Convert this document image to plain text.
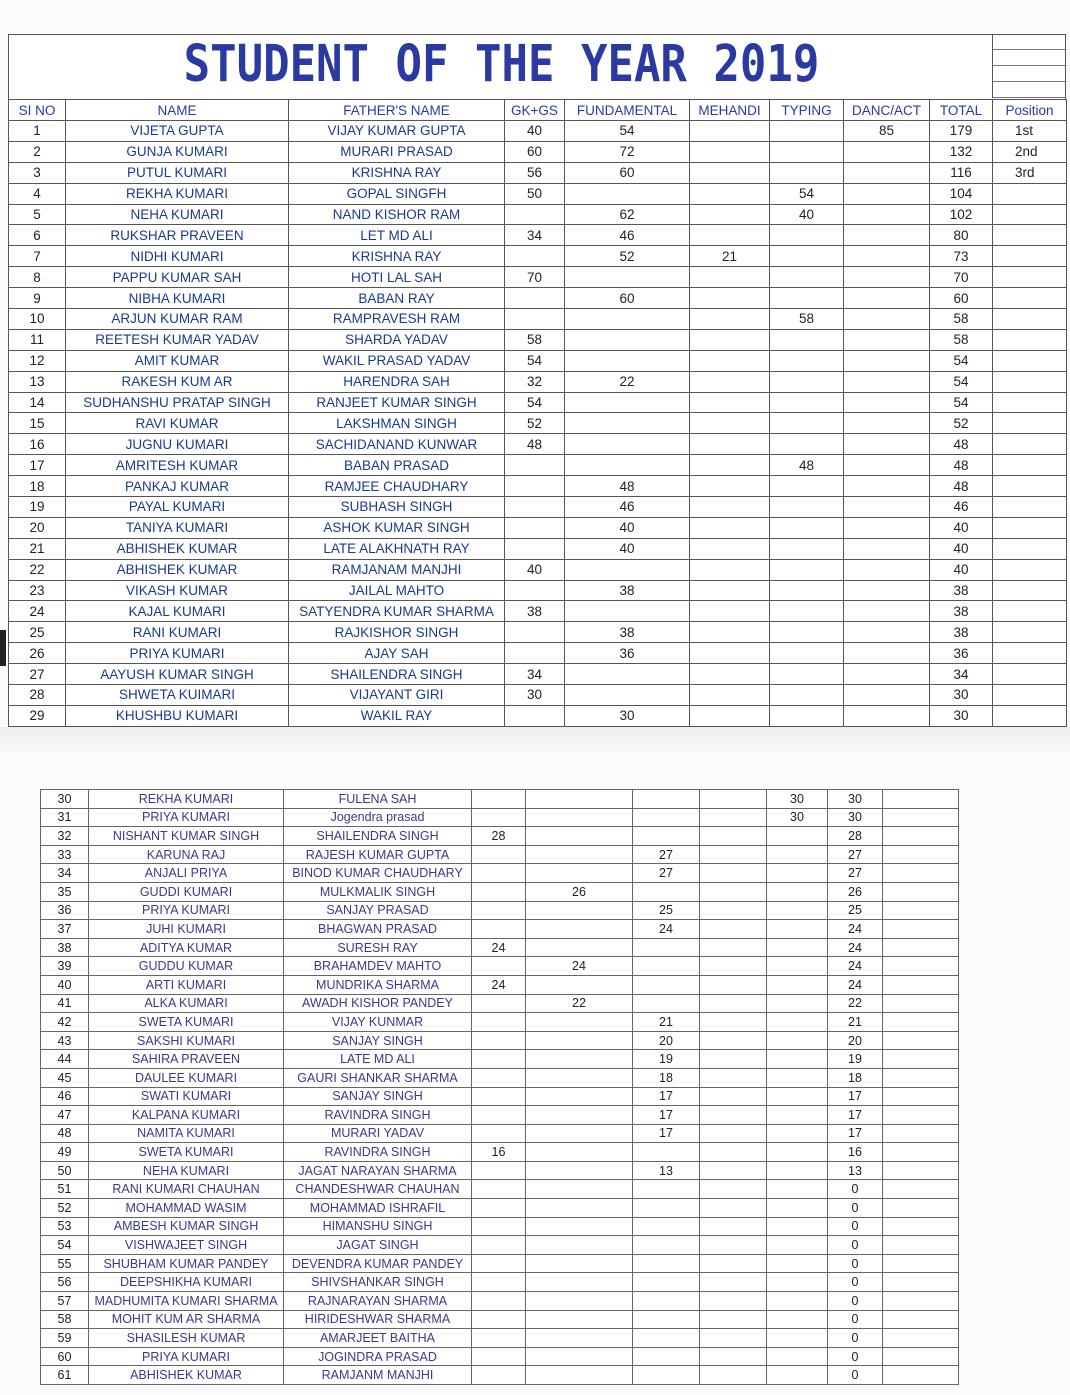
STUDENT OF THE YEAR 2019
SI NO	NAME	FATHER'S NAME	GK+GS	FUNDAMENTAL	MEHANDI	TYPING	DANC/ACT	TOTAL	Position
1	VIJETA GUPTA	VIJAY KUMAR GUPTA	40	54			85	179	1st
2	GUNJA KUMARI	MURARI PRASAD	60	72				132	2nd
3	PUTUL KUMARI	KRISHNA RAY	56	60				116	3rd
4	REKHA KUMARI	GOPAL SINGFH	50			54		104	
5	NEHA KUMARI	NAND KISHOR RAM		62		40		102	
6	RUKSHAR PRAVEEN	LET MD ALI	34	46				80	
7	NIDHI KUMARI	KRISHNA RAY		52	21			73	
8	PAPPU KUMAR SAH	HOTI LAL SAH	70					70	
9	NIBHA KUMARI	BABAN RAY		60				60	
10	ARJUN KUMAR RAM	RAMPRAVESH RAM				58		58	
11	REETESH KUMAR YADAV	SHARDA YADAV	58					58	
12	AMIT KUMAR	WAKIL PRASAD YADAV	54					54	
13	RAKESH KUM AR	HARENDRA SAH	32	22				54	
14	SUDHANSHU PRATAP SINGH	RANJEET KUMAR SINGH	54					54	
15	RAVI KUMAR	LAKSHMAN SINGH	52					52	
16	JUGNU KUMARI	SACHIDANAND KUNWAR	48					48	
17	AMRITESH KUMAR	BABAN PRASAD				48		48	
18	PANKAJ KUMAR	RAMJEE CHAUDHARY		48				48	
19	PAYAL KUMARI	SUBHASH SINGH		46				46	
20	TANIYA KUMARI	ASHOK KUMAR SINGH		40				40	
21	ABHISHEK KUMAR	LATE ALAKHNATH RAY		40				40	
22	ABHISHEK KUMAR	RAMJANAM MANJHI	40					40	
23	VIKASH KUMAR	JAILAL MAHTO		38				38	
24	KAJAL KUMARI	SATYENDRA KUMAR SHARMA	38					38	
25	RANI KUMARI	RAJKISHOR SINGH		38				38	
26	PRIYA KUMARI	AJAY SAH		36				36	
27	AAYUSH KUMAR SINGH	SHAILENDRA SINGH	34					34	
28	SHWETA KUIMARI	VIJAYANT GIRI	30					30	
29	KHUSHBU KUMARI	WAKIL RAY		30				30	
30	REKHA KUMARI	FULENA SAH					30	30	
31	PRIYA KUMARI	Jogendra prasad					30	30	
32	NISHANT KUMAR SINGH	SHAILENDRA SINGH	28					28	
33	KARUNA RAJ	RAJESH KUMAR GUPTA			27			27	
34	ANJALI PRIYA	BINOD KUMAR CHAUDHARY			27			27	
35	GUDDI KUMARI	MULKMALIK SINGH		26				26	
36	PRIYA KUMARI	SANJAY PRASAD			25			25	
37	JUHI KUMARI	BHAGWAN PRASAD			24			24	
38	ADITYA KUMAR	SURESH RAY	24					24	
39	GUDDU KUMAR	BRAHAMDEV MAHTO		24				24	
40	ARTI KUMARI	MUNDRIKA SHARMA	24					24	
41	ALKA KUMARI	AWADH KISHOR PANDEY		22				22	
42	SWETA KUMARI	VIJAY KUNMAR			21			21	
43	SAKSHI KUMARI	SANJAY SINGH			20			20	
44	SAHIRA PRAVEEN	LATE MD ALI			19			19	
45	DAULEE KUMARI	GAURI SHANKAR SHARMA			18			18	
46	SWATI KUMARI	SANJAY SINGH			17			17	
47	KALPANA KUMARI	RAVINDRA SINGH			17			17	
48	NAMITA KUMARI	MURARI YADAV			17			17	
49	SWETA KUMARI	RAVINDRA SINGH	16					16	
50	NEHA KUMARI	JAGAT NARAYAN SHARMA			13			13	
51	RANI KUMARI CHAUHAN	CHANDESHWAR CHAUHAN						0	
52	MOHAMMAD WASIM	MOHAMMAD ISHRAFIL						0	
53	AMBESH KUMAR SINGH	HIMANSHU SINGH						0	
54	VISHWAJEET SINGH	JAGAT SINGH						0	
55	SHUBHAM KUMAR PANDEY	DEVENDRA KUMAR PANDEY						0	
56	DEEPSHIKHA KUMARI	SHIVSHANKAR SINGH						0	
57	MADHUMITA KUMARI SHARMA	RAJNARAYAN SHARMA						0	
58	MOHIT KUM AR SHARMA	HIRIDESHWAR SHARMA						0	
59	SHASILESH KUMAR	AMARJEET BAITHA						0	
60	PRIYA KUMARI	JOGINDRA PRASAD						0	
61	ABHISHEK KUMAR	RAMJANM MANJHI						0	
